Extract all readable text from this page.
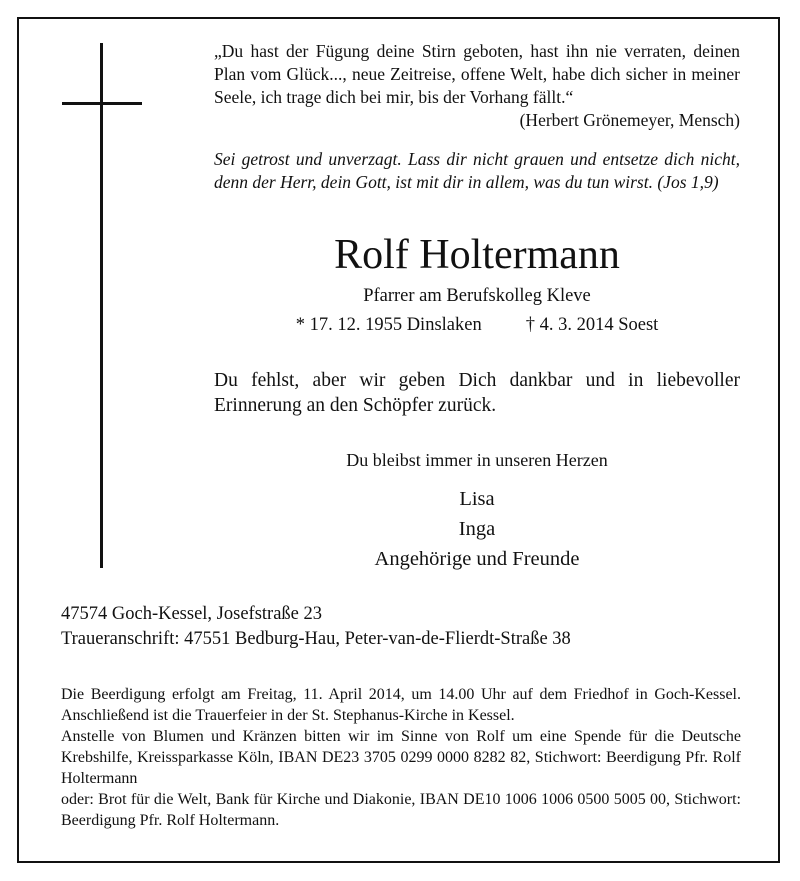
„Du hast der Fügung deine Stirn geboten, hast ihn nie verraten, deinen Plan vom Glück..., neue Zeitreise, offene Welt, habe dich sicher in meiner Seele, ich trage dich bei mir, bis der Vorhang fällt.“
(Herbert Grönemeyer, Mensch)
Sei getrost und unverzagt. Lass dir nicht grauen und entsetze dich nicht, denn der Herr, dein Gott, ist mit dir in allem, was du tun wirst. (Jos 1,9)
Rolf Holtermann
Pfarrer am Berufskolleg Kleve
* 17. 12. 1955 Dinslaken † 4. 3. 2014 Soest
Du fehlst, aber wir geben Dich dankbar und in liebevoller Erinnerung an den Schöpfer zurück.
Du bleibst immer in unseren Herzen
Lisa
Inga
Angehörige und Freunde
47574 Goch-Kessel, Josefstraße 23
Traueranschrift: 47551 Bedburg-Hau, Peter-van-de-Flierdt-Straße 38

Die Beerdigung erfolgt am Freitag, 11. April 2014, um 14.00 Uhr auf dem Friedhof in Goch-Kessel. Anschließend ist die Trauerfeier in der St. Stephanus-Kirche in Kessel.

Anstelle von Blumen und Kränzen bitten wir im Sinne von Rolf um eine Spende für die Deutsche Krebshilfe, Kreissparkasse Köln, IBAN DE23 3705 0299 0000 8282 82, Stichwort: Beerdigung Pfr. Rolf Holtermann

oder: Brot für die Welt, Bank für Kirche und Diakonie, IBAN DE10 1006 1006 0500 5005 00, Stichwort: Beerdigung Pfr. Rolf Holtermann.
